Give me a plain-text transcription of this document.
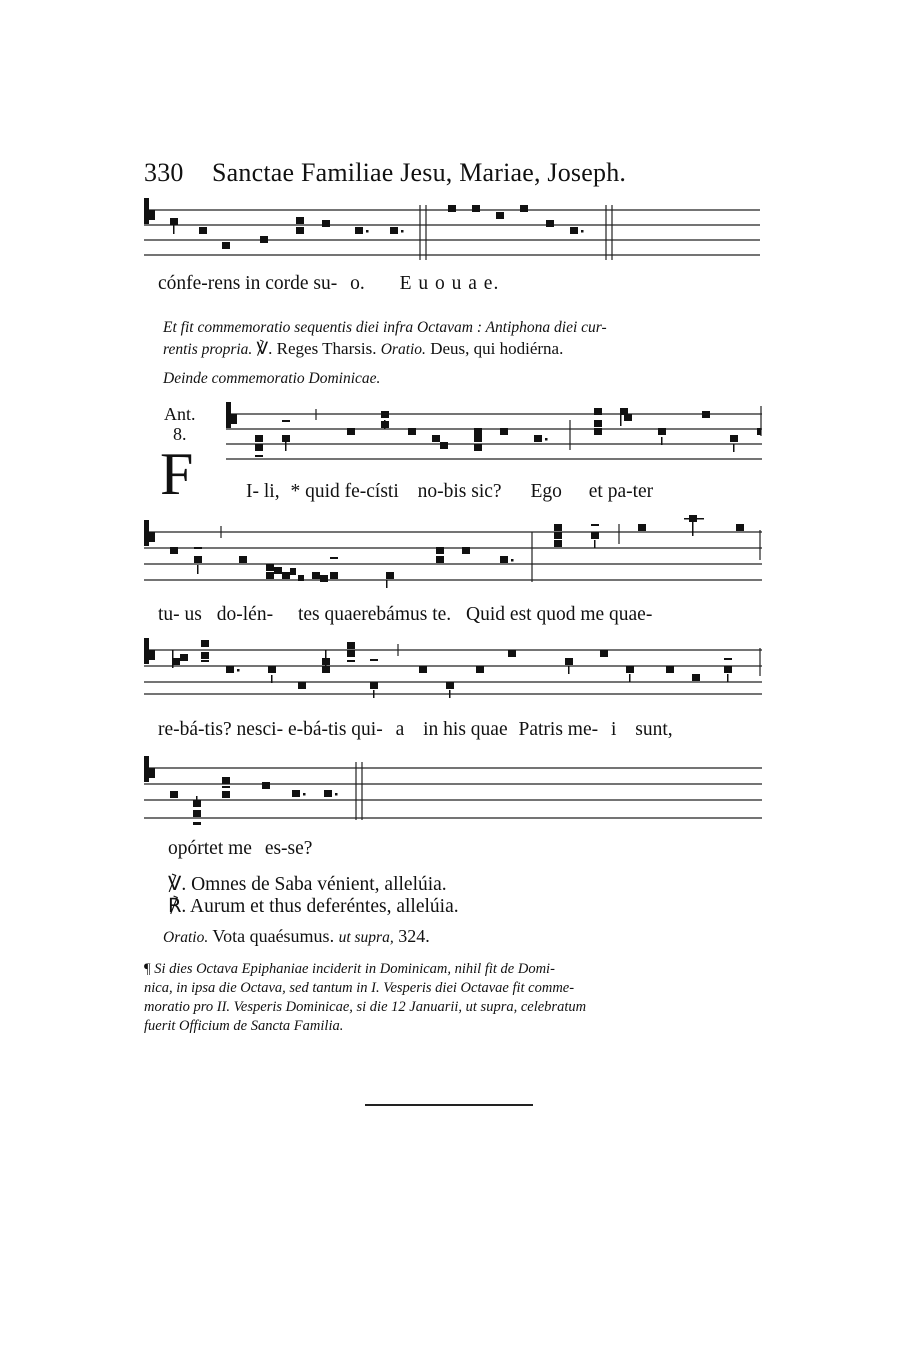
330 Sanctae Familiae Jesu, Mariae, Joseph.
cónfe-rens in corde su- o. E u o u a e.
Et fit commemoratio sequentis diei infra Octavam : Antiphona diei cur-
rentis propria. ℣. Reges Tharsis. Oratio. Deus, qui hodiérna.
Deinde commemoratio Dominicae.
Ant.
8.
F	I- li, * quid fe-císti no-bis sic? Ego et pa-ter
tu- us do-lén- tes quaerebámus te. Quid est quod me quae-
re-bá-tis? nesci- e-bá-tis qui- a in his quae Patris me- i sunt,
opórtet me es-se?
℣. Omnes de Saba vénient, allelúia.
℟. Aurum et thus deferéntes, allelúia.
Oratio. Vota quaésumus. ut supra, 324.
¶ Si dies Octava Epiphaniae inciderit in Dominicam, nihil fit de Domi-
nica, in ipsa die Octava, sed tantum in I. Vesperis diei Octavae fit comme-
moratio pro II. Vesperis Dominicae, si die 12 Januarii, ut supra, celebratum
fuerit Officium de Sancta Familia.
